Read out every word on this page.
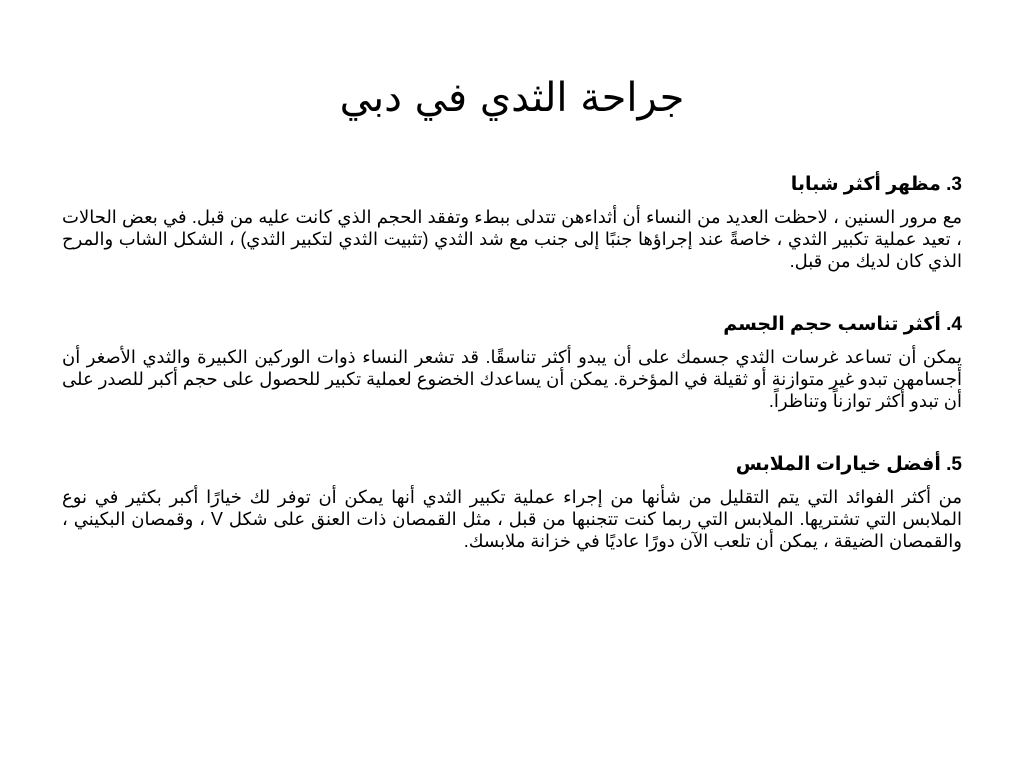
جراحة الثدي في دبي

3. مظهر أكثر شبابا

مع مرور السنين ، لاحظت العديد من النساء أن أثداءهن تتدلى ببطء وتفقد الحجم الذي كانت عليه من قبل. في بعض الحالات ، تعيد عملية تكبير الثدي ، خاصةً عند إجراؤها جنبًا إلى جنب مع شد الثدي (تثبيت الثدي لتكبير الثدي) ، الشكل الشاب والمرح الذي كان لديك من قبل.

4. أكثر تناسب حجم الجسم

يمكن أن تساعد غرسات الثدي جسمك على أن يبدو أكثر تناسقًا. قد تشعر النساء ذوات الوركين الكبيرة والثدي الأصغر أن أجسامهن تبدو غير متوازنة أو ثقيلة في المؤخرة. يمكن أن يساعدك الخضوع لعملية تكبير للحصول على حجم أكبر للصدر على أن تبدو أكثر توازناً وتناظراً.

5. أفضل خيارات الملابس

من أكثر الفوائد التي يتم التقليل من شأنها من إجراء عملية تكبير الثدي أنها يمكن أن توفر لك خيارًا أكبر بكثير في نوع الملابس التي تشتريها. الملابس التي ربما كنت تتجنبها من قبل ، مثل القمصان ذات العنق على شكل V ، وقمصان البكيني ، والقمصان الضيقة ، يمكن أن تلعب الآن دورًا عاديًا في خزانة ملابسك.
